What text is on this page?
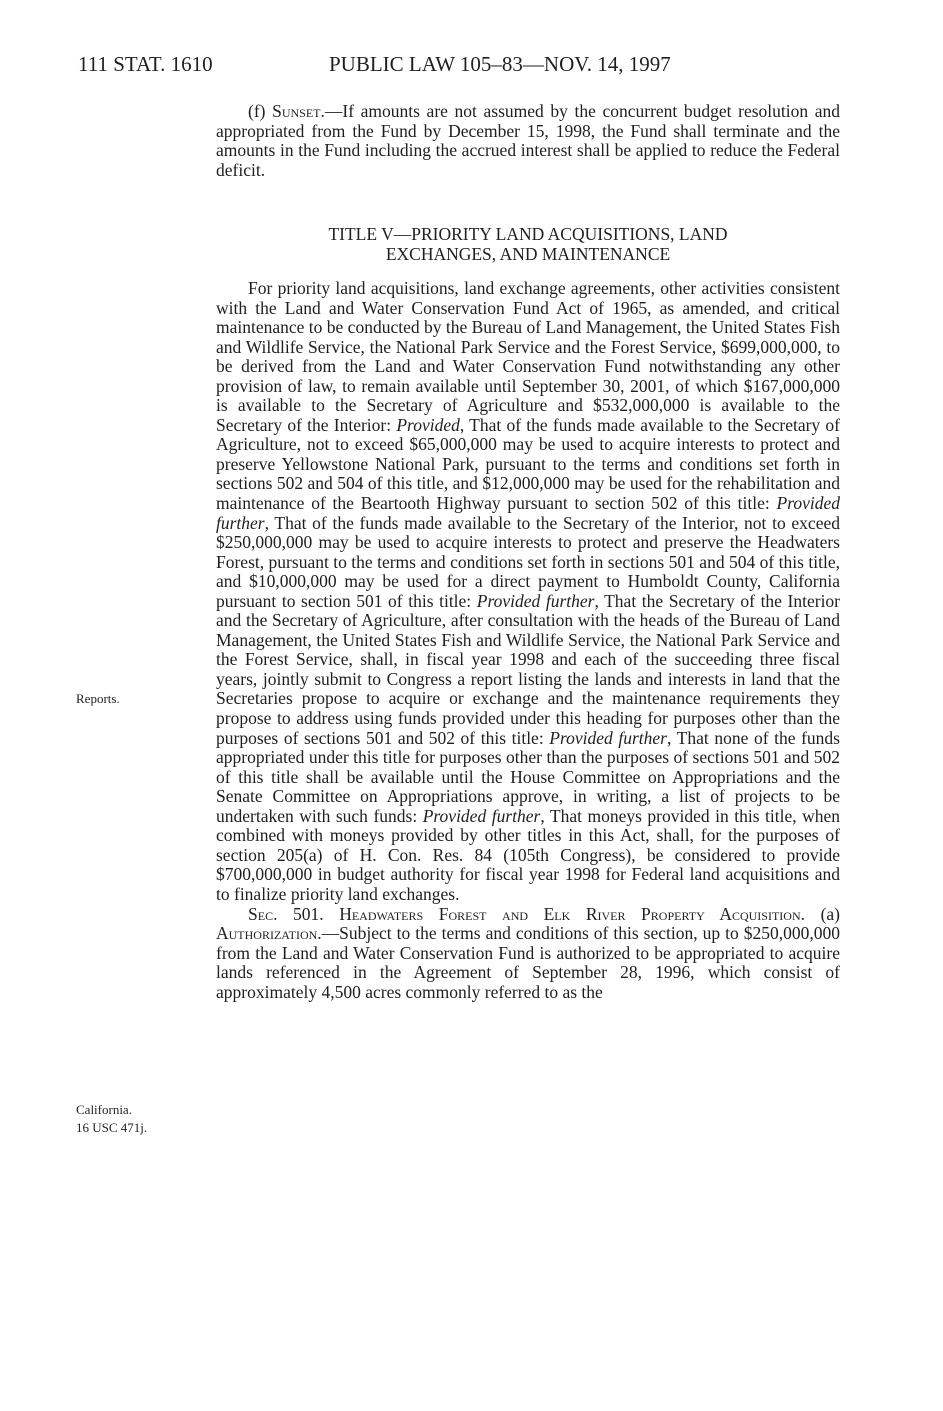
111 STAT. 1610	PUBLIC LAW 105–83—NOV. 14, 1997

(f) Sunset.—If amounts are not assumed by the concurrent budget resolution and appropriated from the Fund by December 15, 1998, the Fund shall terminate and the amounts in the Fund including the accrued interest shall be applied to reduce the Federal deficit.

TITLE V—PRIORITY LAND ACQUISITIONS, LAND
EXCHANGES, AND MAINTENANCE

For priority land acquisitions, land exchange agreements, other activities consistent with the Land and Water Conservation Fund Act of 1965, as amended, and critical maintenance to be conducted by the Bureau of Land Management, the United States Fish and Wildlife Service, the National Park Service and the Forest Service, $699,000,000, to be derived from the Land and Water Conservation Fund notwithstanding any other provision of law, to remain available until September 30, 2001, of which $167,000,000 is available to the Secretary of Agriculture and $532,000,000 is available to the Secretary of the Interior: Provided, That of the funds made available to the Secretary of Agriculture, not to exceed $65,000,000 may be used to acquire interests to protect and preserve Yellowstone National Park, pursuant to the terms and conditions set forth in sections 502 and 504 of this title, and $12,000,000 may be used for the rehabilitation and maintenance of the Beartooth Highway pursuant to section 502 of this title: Provided further, That of the funds made available to the Secretary of the Interior, not to exceed $250,000,000 may be used to acquire interests to protect and preserve the Headwaters Forest, pursuant to the terms and conditions set forth in sections 501 and 504 of this title, and $10,000,000 may be used for a direct payment to Humboldt County, California pursuant to section 501 of this title: Provided further, That the Secretary of the Interior and the Secretary of Agriculture, after consultation with the heads of the Bureau of Land Management, the United States Fish and Wildlife Service, the National Park Service and the Forest Service, shall, in fiscal year 1998 and each of the succeeding three fiscal years, jointly submit to Congress a report listing the lands and interests in land that the Secretaries propose to acquire or exchange and the maintenance requirements they propose to address using funds provided under this heading for purposes other than the purposes of sections 501 and 502 of this title: Provided further, That none of the funds appropriated under this title for purposes other than the purposes of sections 501 and 502 of this title shall be available until the House Committee on Appropriations and the Senate Committee on Appropriations approve, in writing, a list of projects to be undertaken with such funds: Provided further, That moneys provided in this title, when combined with moneys provided by other titles in this Act, shall, for the purposes of section 205(a) of H. Con. Res. 84 (105th Congress), be considered to provide $700,000,000 in budget authority for fiscal year 1998 for Federal land acquisitions and to finalize priority land exchanges.

Sec. 501. Headwaters Forest and Elk River Property Acquisition. (a) Authorization.—Subject to the terms and conditions of this section, up to $250,000,000 from the Land and Water Conservation Fund is authorized to be appropriated to acquire lands referenced in the Agreement of September 28, 1996, which consist of approximately 4,500 acres commonly referred to as the

Reports.
California.
16 USC 471j.
